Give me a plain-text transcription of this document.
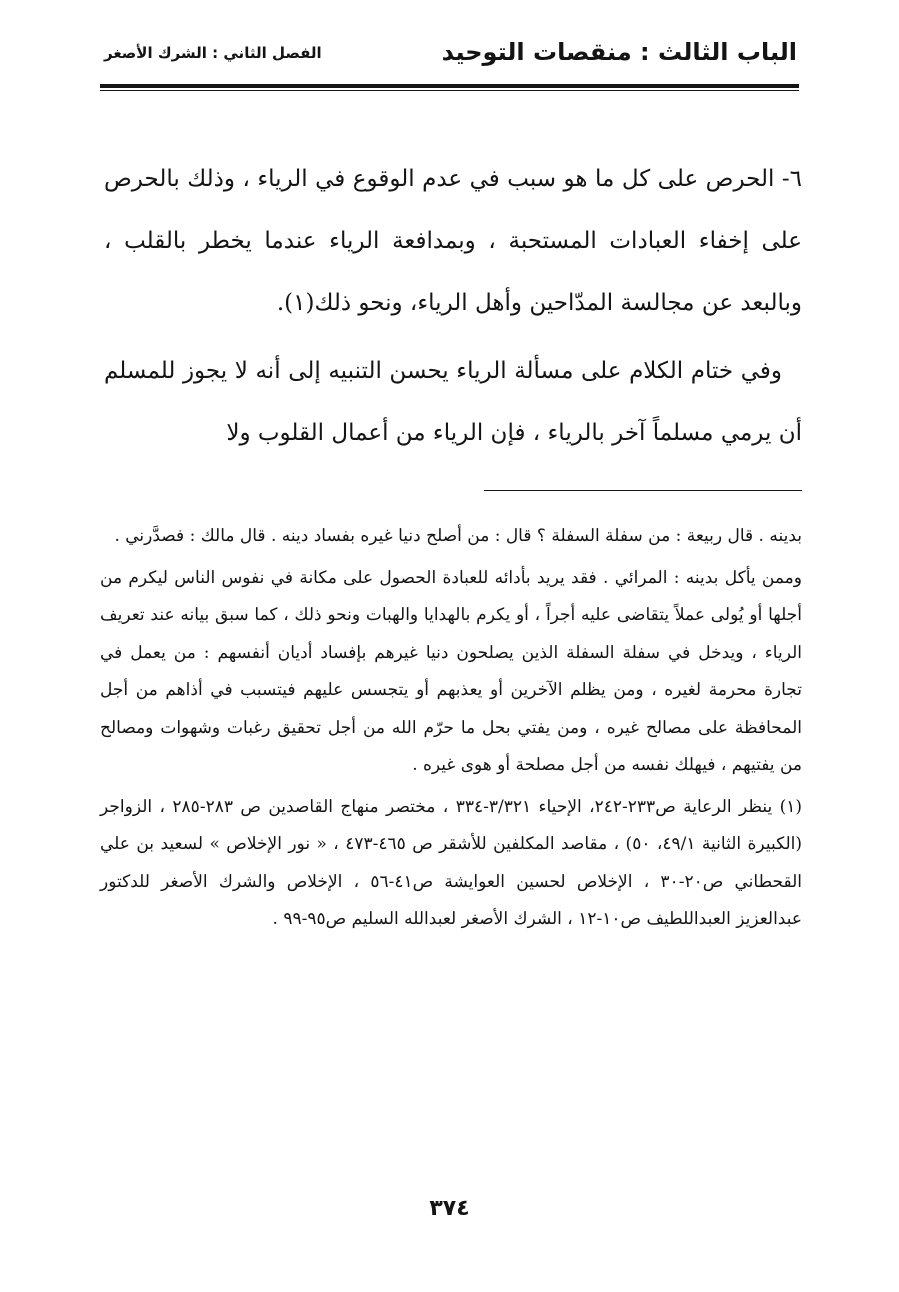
الباب الثالث : منقصات التوحيد
الفصل الثاني : الشرك الأصغر

٦- الحرص على كل ما هو سبب في عدم الوقوع في الرياء ، وذلك بالحرص على إخفاء العبادات المستحبة ، وبمدافعة الرياء عندما يخطر بالقلب ، وبالبعد عن مجالسة المدّاحين وأهل الرياء، ونحو ذلك(١).

وفي ختام الكلام على مسألة الرياء يحسن التنبيه إلى أنه لا يجوز للمسلم أن يرمي مسلماً آخر بالرياء ، فإن الرياء من أعمال القلوب ولا

بدينه . قال ربيعة : من سفلة السفلة ؟ قال : من أصلح دنيا غيره بفساد دينه . قال مالك : فصدَّرني .

وممن يأكل بدينه : المرائي . فقد يريد بأدائه للعبادة الحصول على مكانة في نفوس الناس ليكرم من أجلها أو يُولى عملاً يتقاضى عليه أجراً ، أو يكرم بالهدايا والهبات ونحو ذلك ، كما سبق بيانه عند تعريف الرياء ، ويدخل في سفلة السفلة الذين يصلحون دنيا غيرهم بإفساد أديان أنفسهم : من يعمل في تجارة محرمة لغيره ، ومن يظلم الآخرين أو يعذبهم أو يتجسس عليهم فيتسبب في أذاهم من أجل المحافظة على مصالح غيره ، ومن يفتي بحل ما حرّم الله من أجل تحقيق رغبات وشهوات ومصالح من يفتيهم ، فيهلك نفسه من أجل مصلحة أو هوى غيره .

(١) ينظر الرعاية ص٢٣٣-٢٤٢، الإحياء ٣/٣٢١-٣٣٤ ، مختصر منهاج القاصدين ص ٢٨٣-٢٨٥ ، الزواجر (الكبيرة الثانية ٤٩/١، ٥٠) ، مقاصد المكلفين للأشقر ص ٤٦٥-٤٧٣ ، « نور الإخلاص » لسعيد بن علي القحطاني ص٢٠-٣٠ ، الإخلاص لحسين العوايشة ص٤١-٥٦ ، الإخلاص والشرك الأصغر للدكتور عبدالعزيز العبداللطيف ص١٠-١٢ ، الشرك الأصغر لعبدالله السليم ص٩٥-٩٩ .

٣٧٤
